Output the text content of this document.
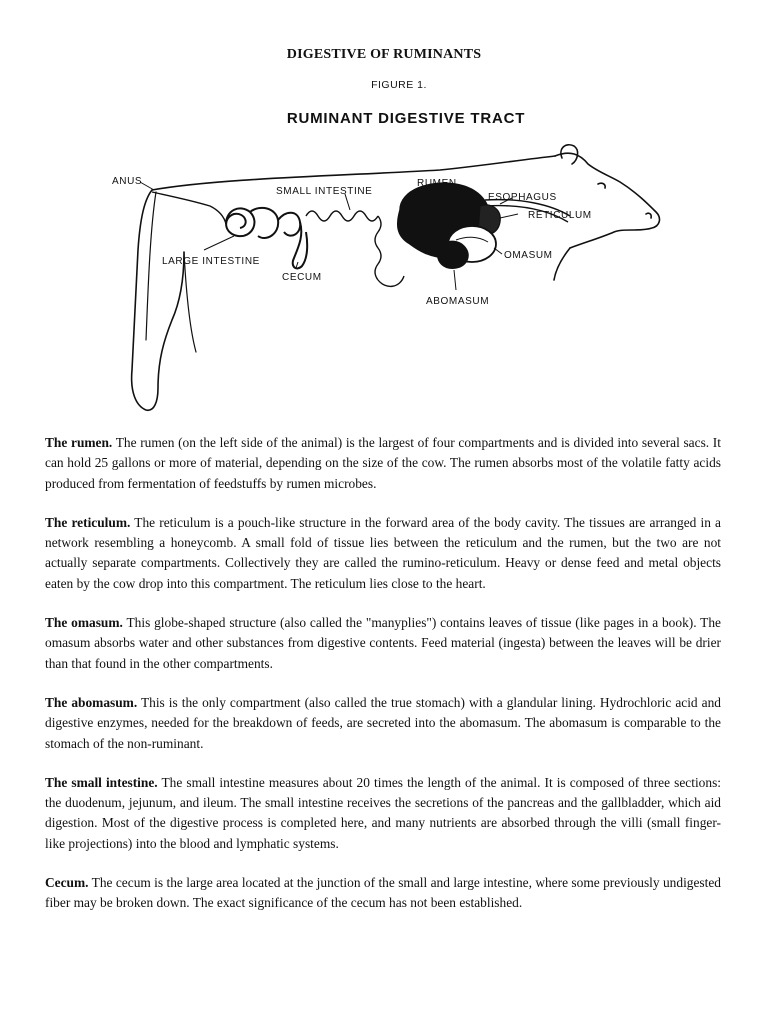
DIGESTIVE OF RUMINANTS
FIGURE 1.
RUMINANT DIGESTIVE TRACT
ANUS
SMALL INTESTINE
RUMEN
ESOPHAGUS
RETICULUM
LARGE INTESTINE
CECUM
OMASUM
ABOMASUM

The rumen. The rumen (on the left side of the animal) is the largest of four compartments and is divided into several sacs. It can hold 25 gallons or more of material, depending on the size of the cow. The rumen absorbs most of the volatile fatty acids produced from fermentation of feedstuffs by rumen microbes.

The reticulum. The reticulum is a pouch-like structure in the forward area of the body cavity. The tissues are arranged in a network resembling a honeycomb. A small fold of tissue lies between the reticulum and the rumen, but the two are not actually separate compartments. Collectively they are called the rumino-reticulum. Heavy or dense feed and metal objects eaten by the cow drop into this compartment. The reticulum lies close to the heart.

The omasum. This globe-shaped structure (also called the "manyplies") contains leaves of tissue (like pages in a book). The omasum absorbs water and other substances from digestive contents. Feed material (ingesta) between the leaves will be drier than that found in the other compartments.

The abomasum. This is the only compartment (also called the true stomach) with a glandular lining. Hydrochloric acid and digestive enzymes, needed for the breakdown of feeds, are secreted into the abomasum. The abomasum is comparable to the stomach of the non-ruminant.

The small intestine. The small intestine measures about 20 times the length of the animal. It is composed of three sections: the duodenum, jejunum, and ileum. The small intestine receives the secretions of the pancreas and the gallbladder, which aid digestion. Most of the digestive process is completed here, and many nutrients are absorbed through the villi (small finger-like projections) into the blood and lymphatic systems.

Cecum. The cecum is the large area located at the junction of the small and large intestine, where some previously undigested fiber may be broken down. The exact significance of the cecum has not been established.
